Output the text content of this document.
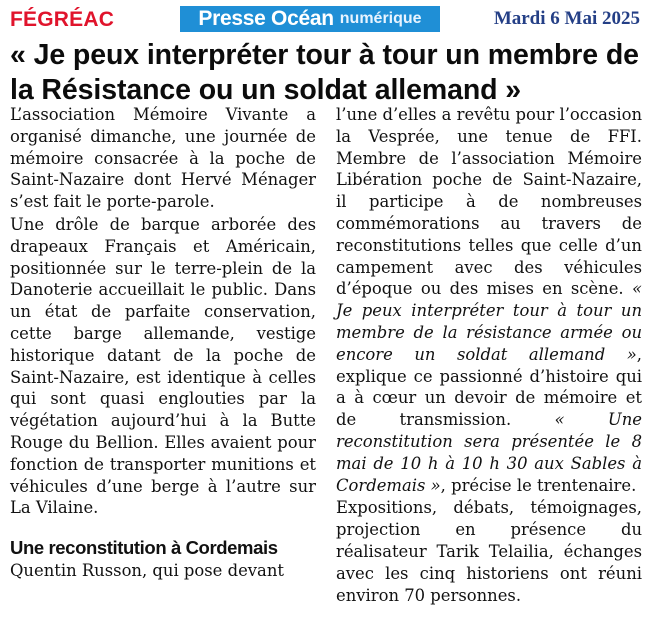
FÉGRÉAC	Presse Océan numérique	Mardi 6 Mai 2025
« Je peux interpréter tour à tour un membre de la Résistance ou un soldat allemand »

L’association Mémoire Vivante a organisé dimanche, une journée de mémoire consacrée à la poche de Saint-Nazaire dont Hervé Ménager s’est fait le porte-parole.

Une drôle de barque arborée des drapeaux Français et Américain, positionnée sur le terre-plein de la Danoterie accueillait le public. Dans un état de parfaite conservation, cette barge allemande, vestige historique datant de la poche de Saint-Nazaire, est identique à celles qui sont quasi englouties par la végétation aujourd’hui à la Butte Rouge du Bellion. Elles avaient pour fonction de transporter munitions et véhicules d’une berge à l’autre sur La Vilaine.

Une reconstitution à Cordemais

Quentin Russon, qui pose devant

l’une d’elles a revêtu pour l’occasion la Vesprée, une tenue de FFI. Membre de l’association Mémoire Libération poche de Saint-Nazaire, il participe à de nombreuses commémorations au travers de reconstitutions telles que celle d’un campement avec des véhicules d’époque ou des mises en scène. « Je peux interpréter tour à tour un membre de la résistance armée ou encore un soldat allemand », explique ce passionné d’histoire qui a à cœur un devoir de mémoire et de transmission.	« Une reconstitution sera présentée le 8 mai de 10 h à 10 h 30 aux Sables à Cordemais », précise le trentenaire.

Expositions, débats, témoignages, projection en présence du réalisateur Tarik Telailia, échanges avec les cinq historiens ont réuni environ 70 personnes.
